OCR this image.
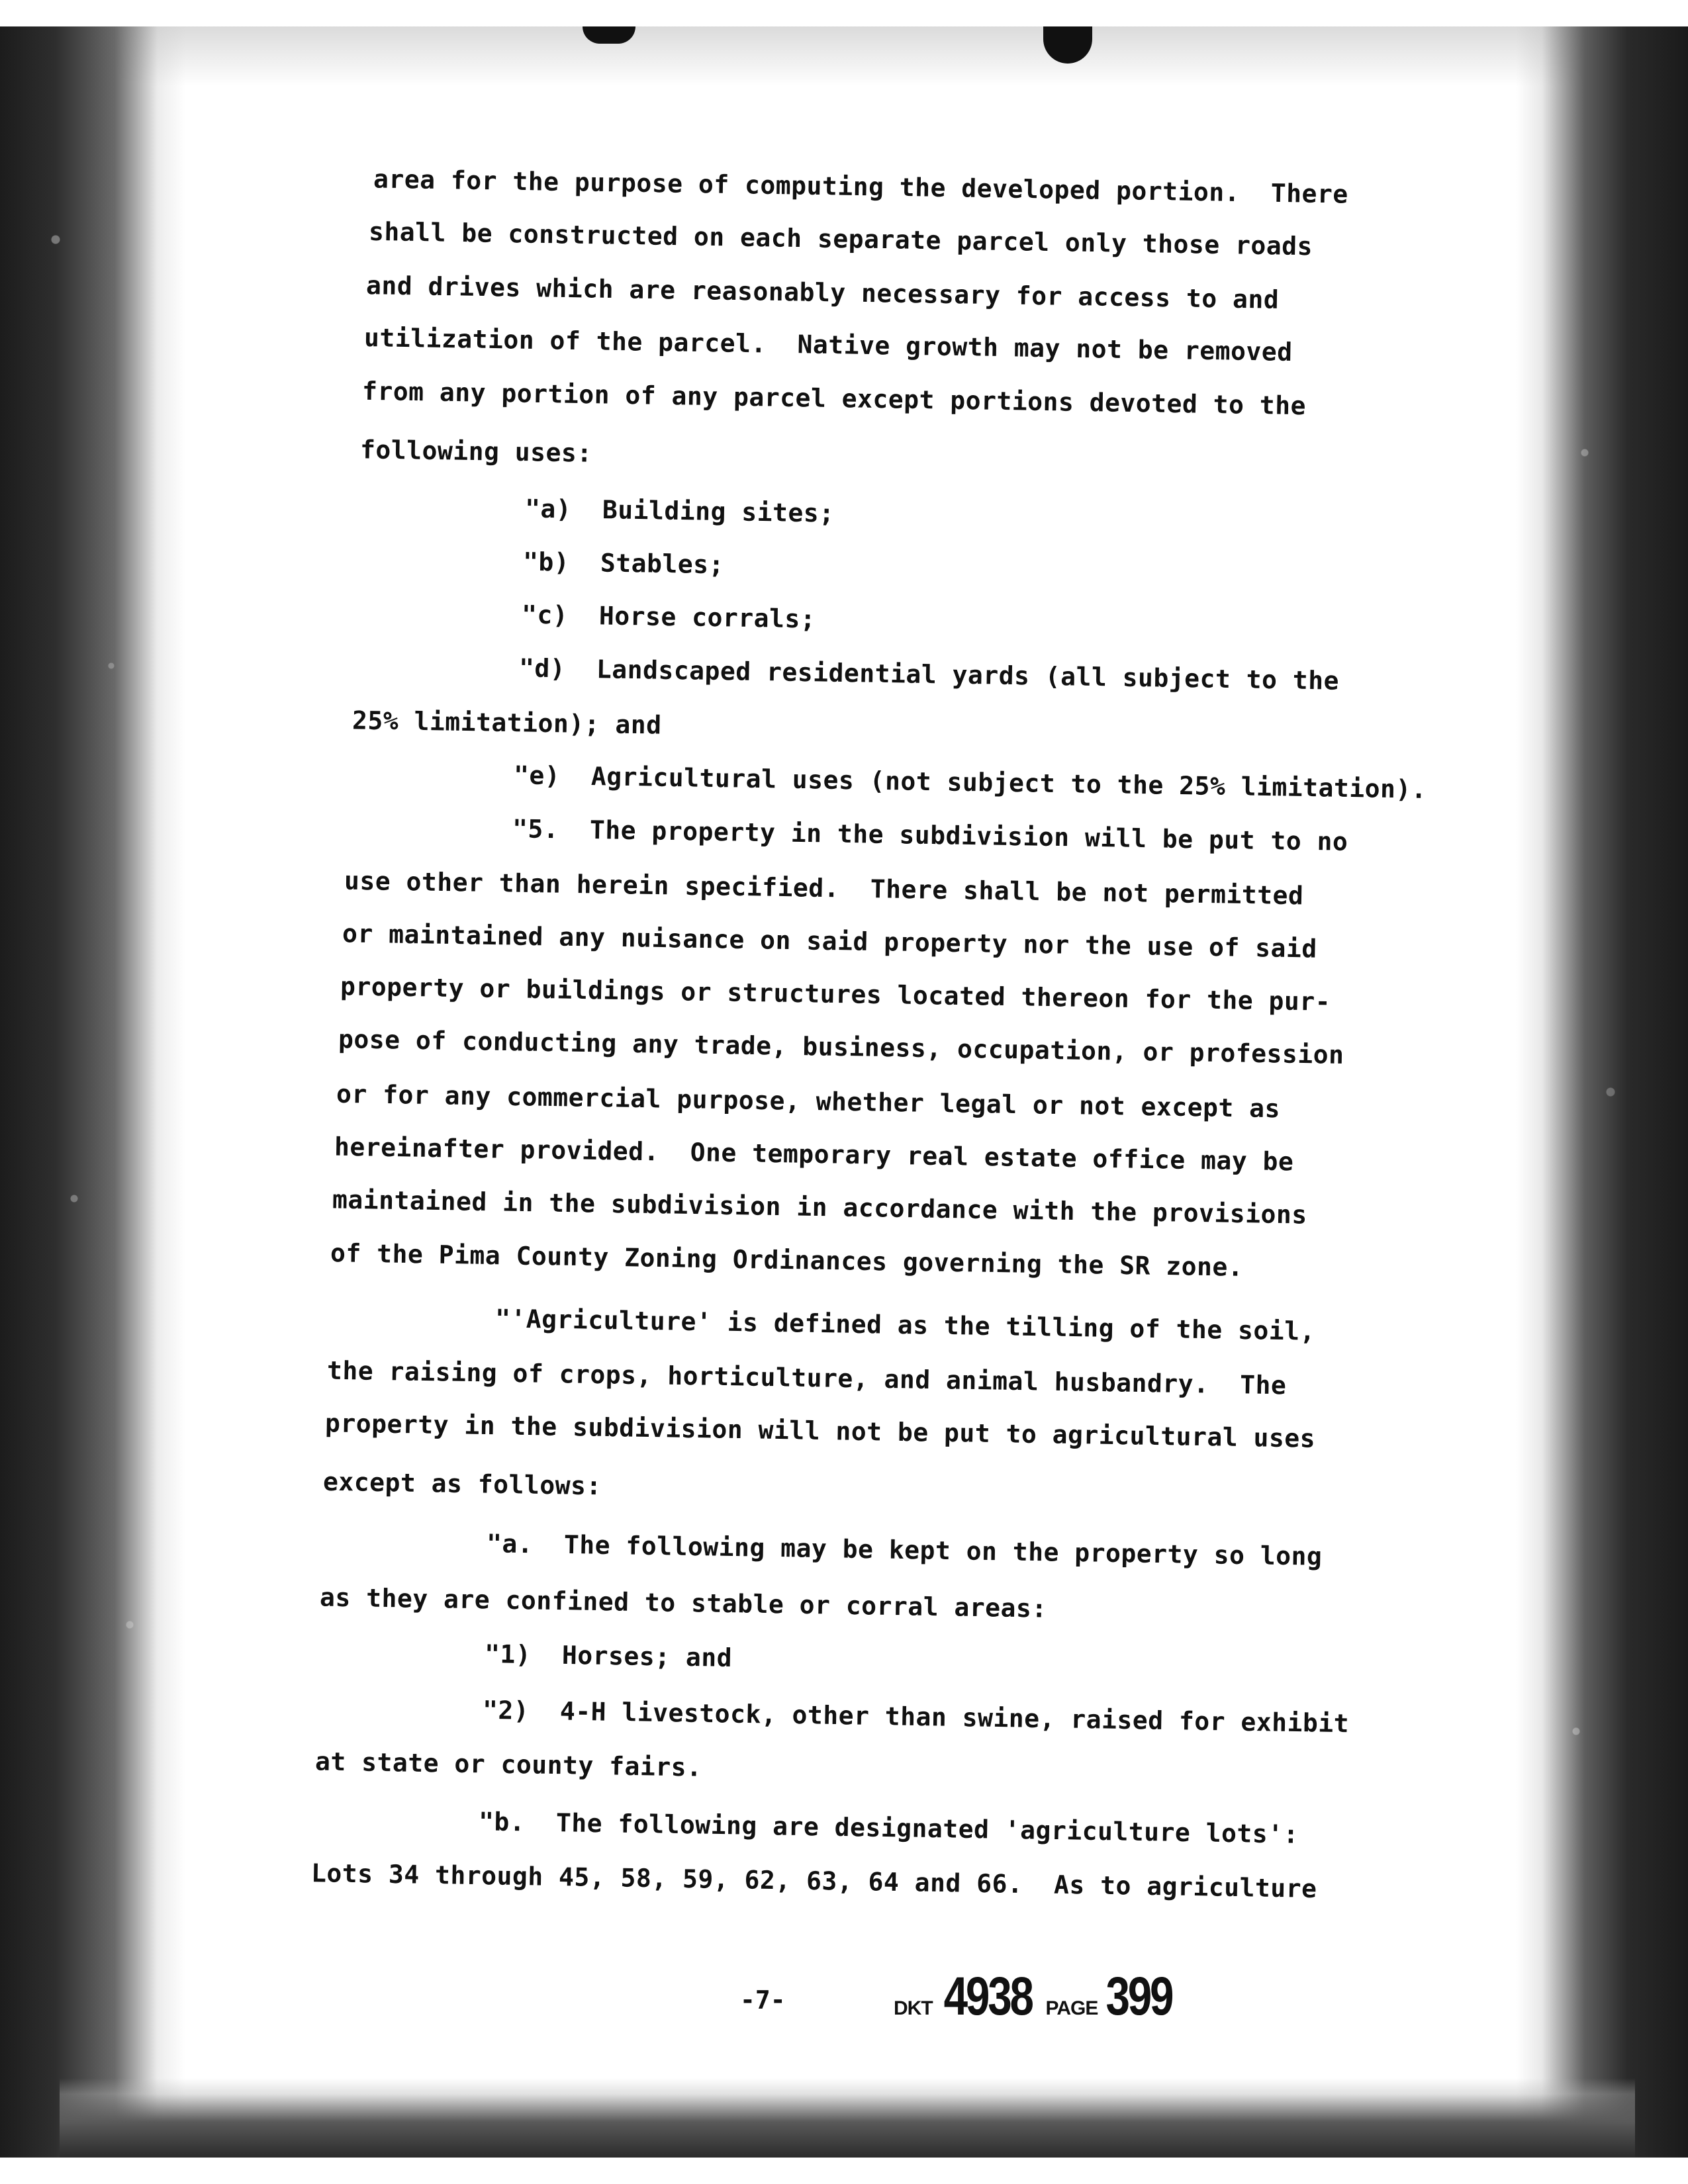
area for the purpose of computing the developed portion.  There
shall be constructed on each separate parcel only those roads
and drives which are reasonably necessary for access to and
utilization of the parcel.  Native growth may not be removed
from any portion of any parcel except portions devoted to the
following uses:
"a)  Building sites;
"b)  Stables;
"c)  Horse corrals;
"d)  Landscaped residential yards (all subject to the
25% limitation); and
"e)  Agricultural uses (not subject to the 25% limitation).
"5.  The property in the subdivision will be put to no
use other than herein specified.  There shall be not permitted
or maintained any nuisance on said property nor the use of said
property or buildings or structures located thereon for the pur-
pose of conducting any trade, business, occupation, or profession
or for any commercial purpose, whether legal or not except as
hereinafter provided.  One temporary real estate office may be
maintained in the subdivision in accordance with the provisions
of the Pima County Zoning Ordinances governing the SR zone.
"'Agriculture' is defined as the tilling of the soil,
the raising of crops, horticulture, and animal husbandry.  The
property in the subdivision will not be put to agricultural uses
except as follows:
"a.  The following may be kept on the property so long
as they are confined to stable or corral areas:
"1)  Horses; and
"2)  4-H livestock, other than swine, raised for exhibit
at state or county fairs.
"b.  The following are designated 'agriculture lots':
Lots 34 through 45, 58, 59, 62, 63, 64 and 66.  As to agriculture
-7-	DKT 4938 PAGE 399
